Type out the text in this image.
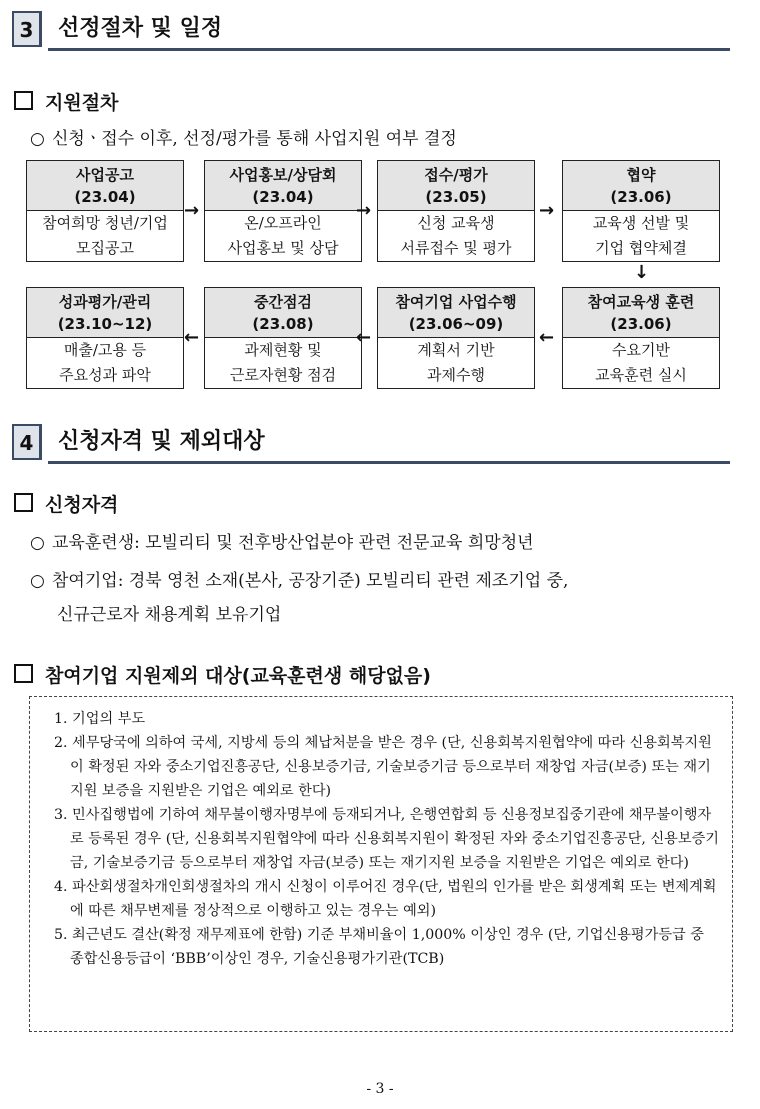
3	선정절차 및 일정
지원절차
○ 신청ㆍ접수 이후, 선정/평가를 통해 사업지원 여부 결정
사업공고
(23.04)
참여희망 청년/기업
모집공고
→
사업홍보/상담회
(23.04)
온/오프라인
사업홍보 및 상담
→
접수/평가
(23.05)
신청 교육생
서류접수 및 평가
→
협약
(23.06)
교육생 선발 및
기업 협약체결
↓
성과평가/관리
(23.10~12)
매출/고용 등
주요성과 파악
←
중간점검
(23.08)
과제현황 및
근로자현황 점검
←
참여기업 사업수행
(23.06~09)
계획서 기반
과제수행
←
참여교육생 훈련
(23.06)
수요기반
교육훈련 실시
4	신청자격 및 제외대상
신청자격
○ 교육훈련생: 모빌리티 및 전후방산업분야 관련 전문교육 희망청년
○ 참여기업: 경북 영천 소재(본사, 공장기준) 모빌리티 관련 제조기업 중,
신규근로자 채용계획 보유기업
참여기업 지원제외 대상(교육훈련생 해당없음)
1. 기업의 부도
2. 세무당국에 의하여 국세, 지방세 등의 체납처분을 받은 경우 (단, 신용회복지원협약에 따라 신용회복지원이 확정된 자와 중소기업진흥공단, 신용보증기금, 기술보증기금 등으로부터 재창업 자금(보증) 또는 재기지원 보증을 지원받은 기업은 예외로 한다)
3. 민사집행법에 기하여 채무불이행자명부에 등재되거나, 은행연합회 등 신용정보집중기관에 채무불이행자로 등록된 경우 (단, 신용회복지원협약에 따라 신용회복지원이 확정된 자와 중소기업진흥공단, 신용보증기금, 기술보증기금 등으로부터 재창업 자금(보증) 또는 재기지원 보증을 지원받은 기업은 예외로 한다)
4. 파산회생절차개인회생절차의 개시 신청이 이루어진 경우(단, 법원의 인가를 받은 회생계획 또는 변제계획에 따른 채무변제를 정상적으로 이행하고 있는 경우는 예외)
5. 최근년도 결산(확정 재무제표에 한함) 기준 부채비율이 1,000% 이상인 경우 (단, 기업신용평가등급 중 종합신용등급이 ‘BBB’이상인 경우, 기술신용평가기관(TCB)
- 3 -
